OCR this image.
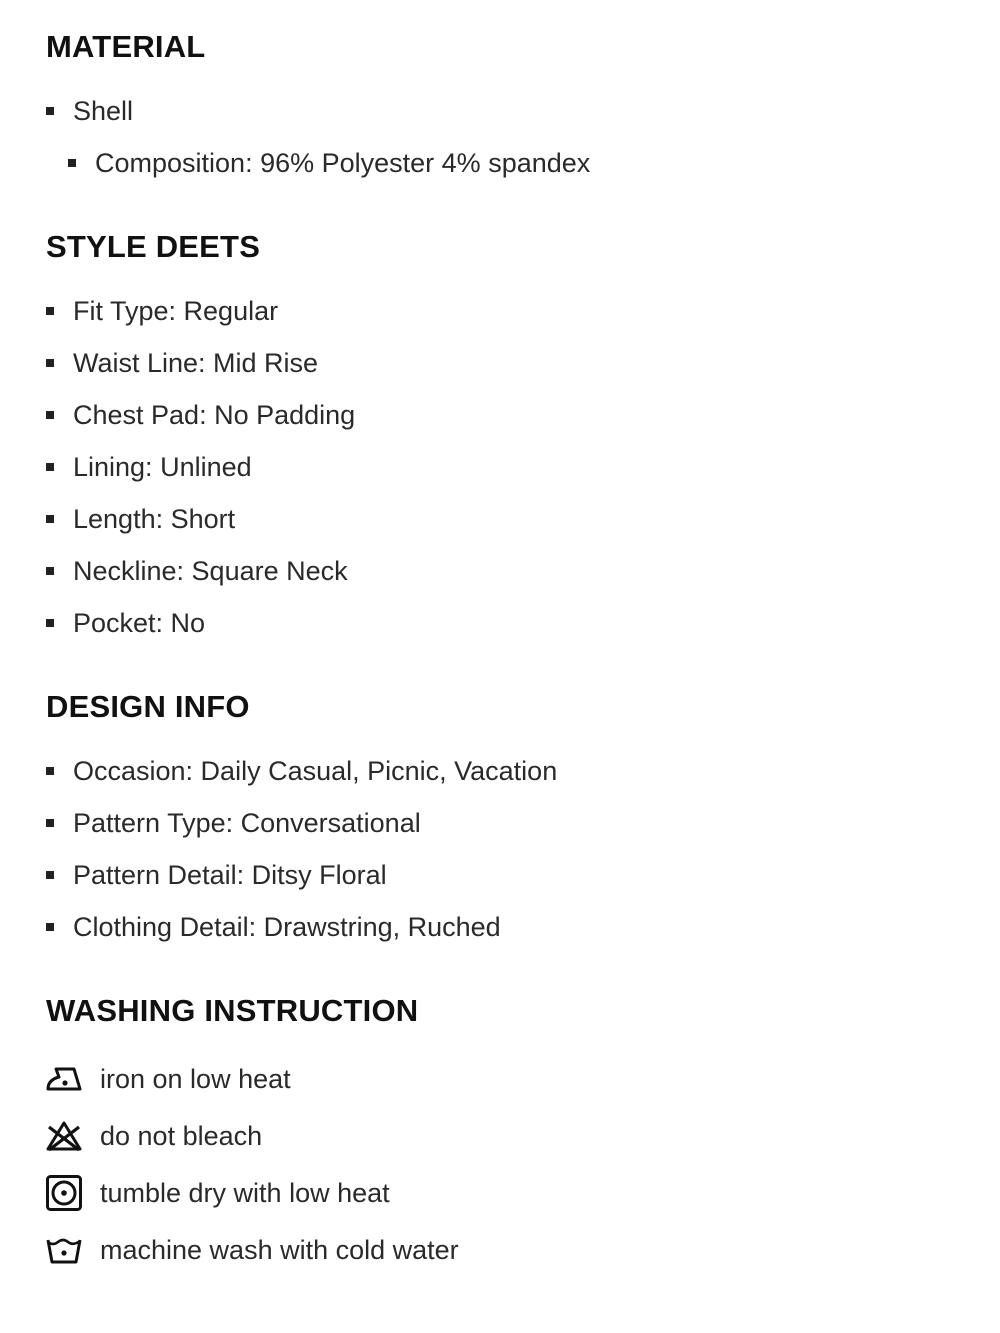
MATERIAL
Shell
Composition: 96% Polyester 4% spandex
STYLE DEETS
Fit Type: Regular
Waist Line: Mid Rise
Chest Pad: No Padding
Lining: Unlined
Length: Short
Neckline: Square Neck
Pocket: No
DESIGN INFO
Occasion: Daily Casual, Picnic, Vacation
Pattern Type: Conversational
Pattern Detail: Ditsy Floral
Clothing Detail: Drawstring, Ruched
WASHING INSTRUCTION
iron on low heat
do not bleach
tumble dry with low heat
machine wash with cold water
